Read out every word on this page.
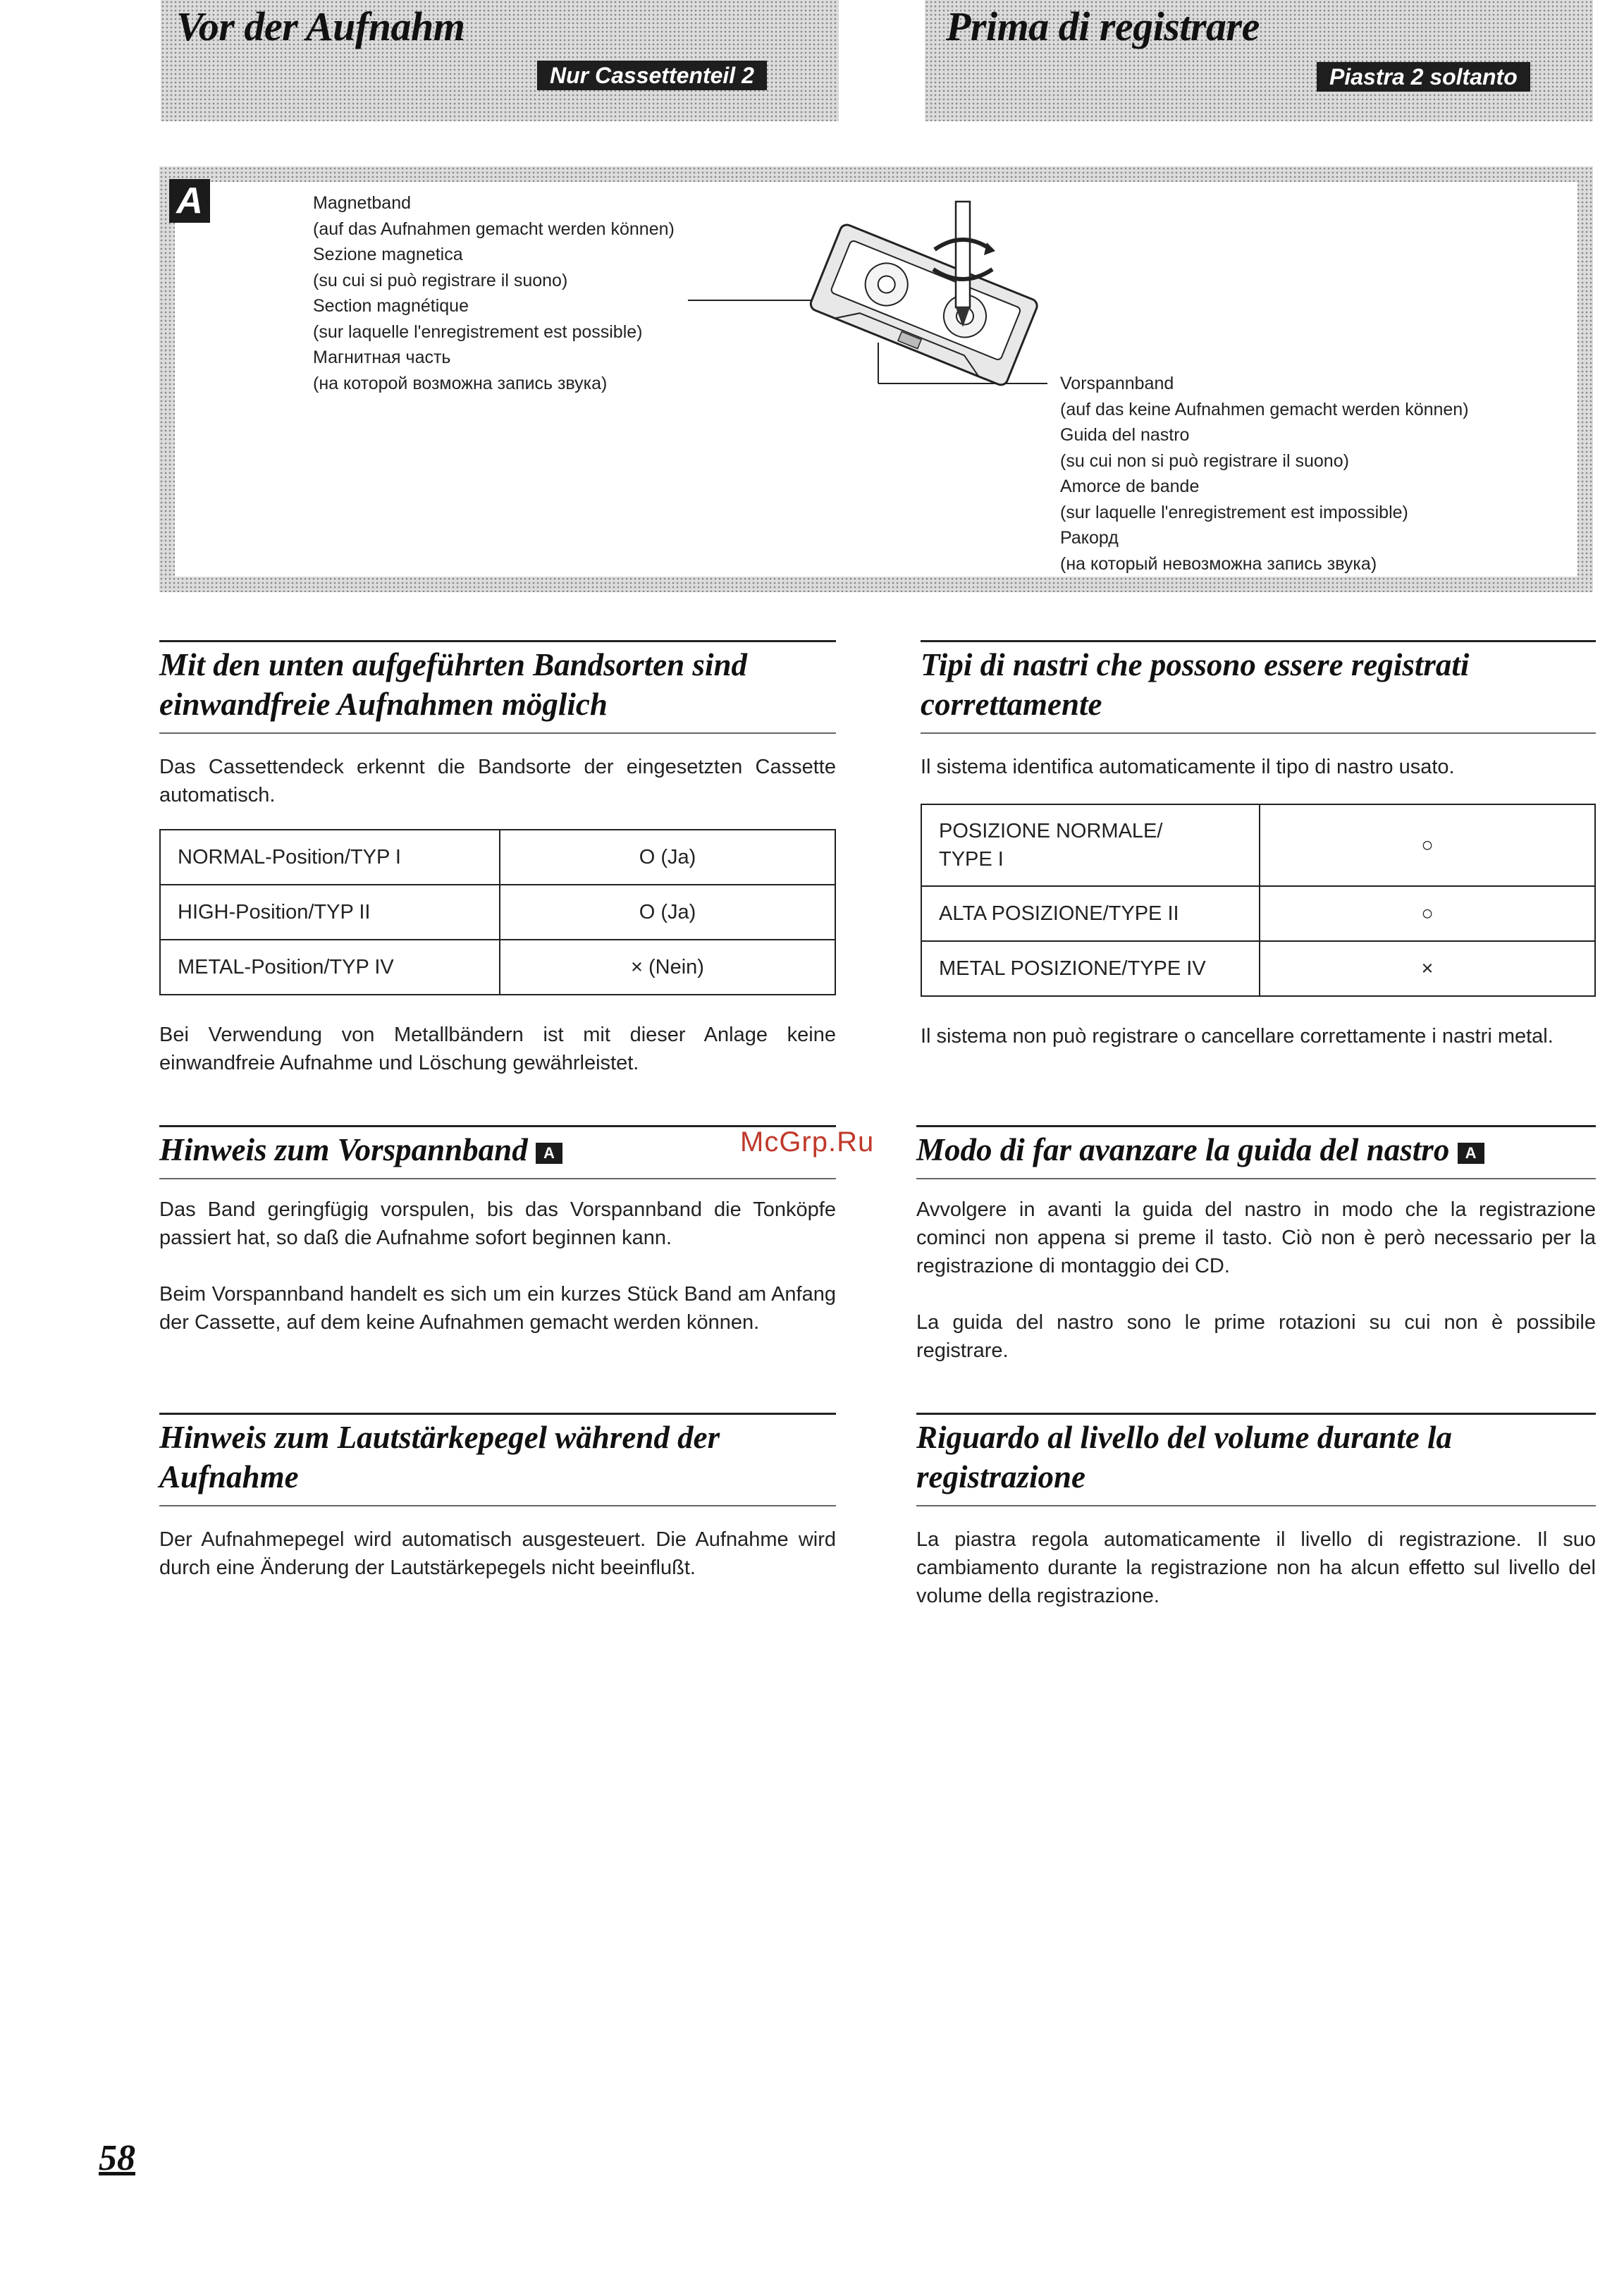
Vor der Aufnahm
Nur Cassettenteil 2
Prima di registrare
Piastra 2 soltanto
A	Magnetband
(auf das Aufnahmen gemacht werden können)
Sezione magnetica
(su cui si può registrare il suono)
Section magnétique
(sur laquelle l'enregistrement est possible)
Магнитная часть
(на которой возможна запись звука)	Vorspannband
(auf das keine Aufnahmen gemacht werden können)
Guida del nastro
(su cui non si può registrare il suono)
Amorce de bande
(sur laquelle l'enregistrement est impossible)
Ракорд
(на который невозможна запись звука)
Mit den unten aufgeführten Bandsorten sind
einwandfreie Aufnahmen möglich

Das Cassettendeck erkennt die Bandsorte der eingesetzten Cassette automatisch.

NORMAL-Position/TYP I	O (Ja)
HIGH-Position/TYP II	O (Ja)
METAL-Position/TYP IV	× (Nein)

Bei Verwendung von Metallbändern ist mit dieser Anlage keine einwandfreie Aufnahme und Löschung gewährleistet.

Hinweis zum Vorspannband A

Das Band geringfügig vorspulen, bis das Vorspannband die Tonköpfe passiert hat, so daß die Aufnahme sofort beginnen kann.

Beim Vorspannband handelt es sich um ein kurzes Stück Band am Anfang der Cassette, auf dem keine Aufnahmen gemacht werden können.

Hinweis zum Lautstärkepegel während der
Aufnahme

Der Aufnahmepegel wird automatisch ausgesteuert. Die Aufnahme wird durch eine Änderung der Lautstärkepegels nicht beeinflußt.

Tipi di nastri che possono essere registrati
correttamente

Il sistema identifica automaticamente il tipo di nastro usato.

POSIZIONE NORMALE/
TYPE I	○
ALTA POSIZIONE/TYPE II	○
METAL POSIZIONE/TYPE IV	×

Il sistema non può registrare o cancellare correttamente i nastri metal.

Modo di far avanzare la guida del nastro A

Avvolgere in avanti la guida del nastro in modo che la registrazione cominci non appena si preme il tasto. Ciò non è però necessario per la registrazione di montaggio dei CD.

La guida del nastro sono le prime rotazioni su cui non è possibile registrare.

Riguardo al livello del volume durante la
registrazione

La piastra regola automaticamente il livello di registrazione. Il suo cambiamento durante la registrazione non ha alcun effetto sul livello del volume della registrazione.

McGrp.Ru
58
